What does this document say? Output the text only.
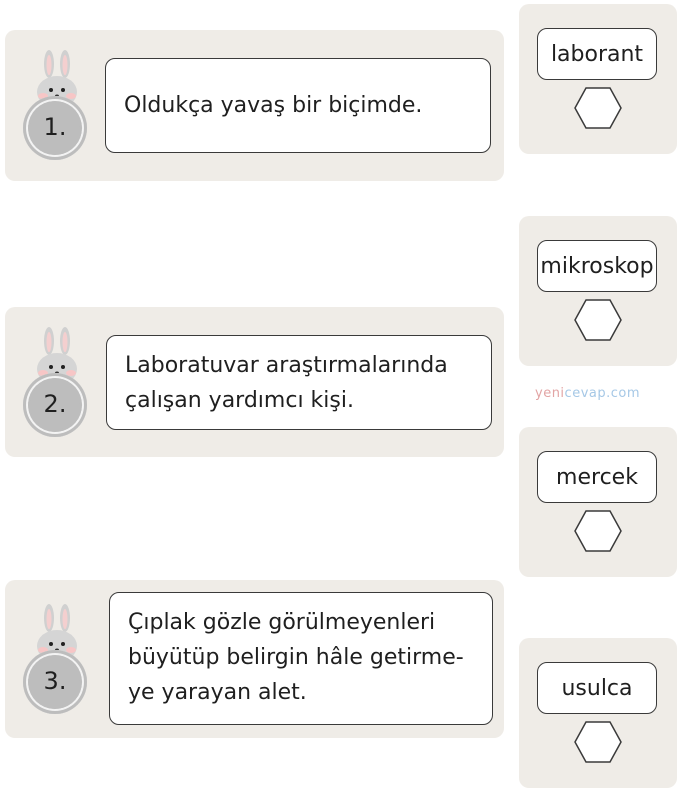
1.
Oldukça yavaş bir biçimde.
2.
Laboratuvar araştırmalarında
çalışan yardımcı kişi.
3.
Çıplak gözle görülmeyenleri
büyütüp belirgin hâle getirme-
ye yarayan alet.
laborant
mikroskop
mercek
usulca
yenicevap.com
